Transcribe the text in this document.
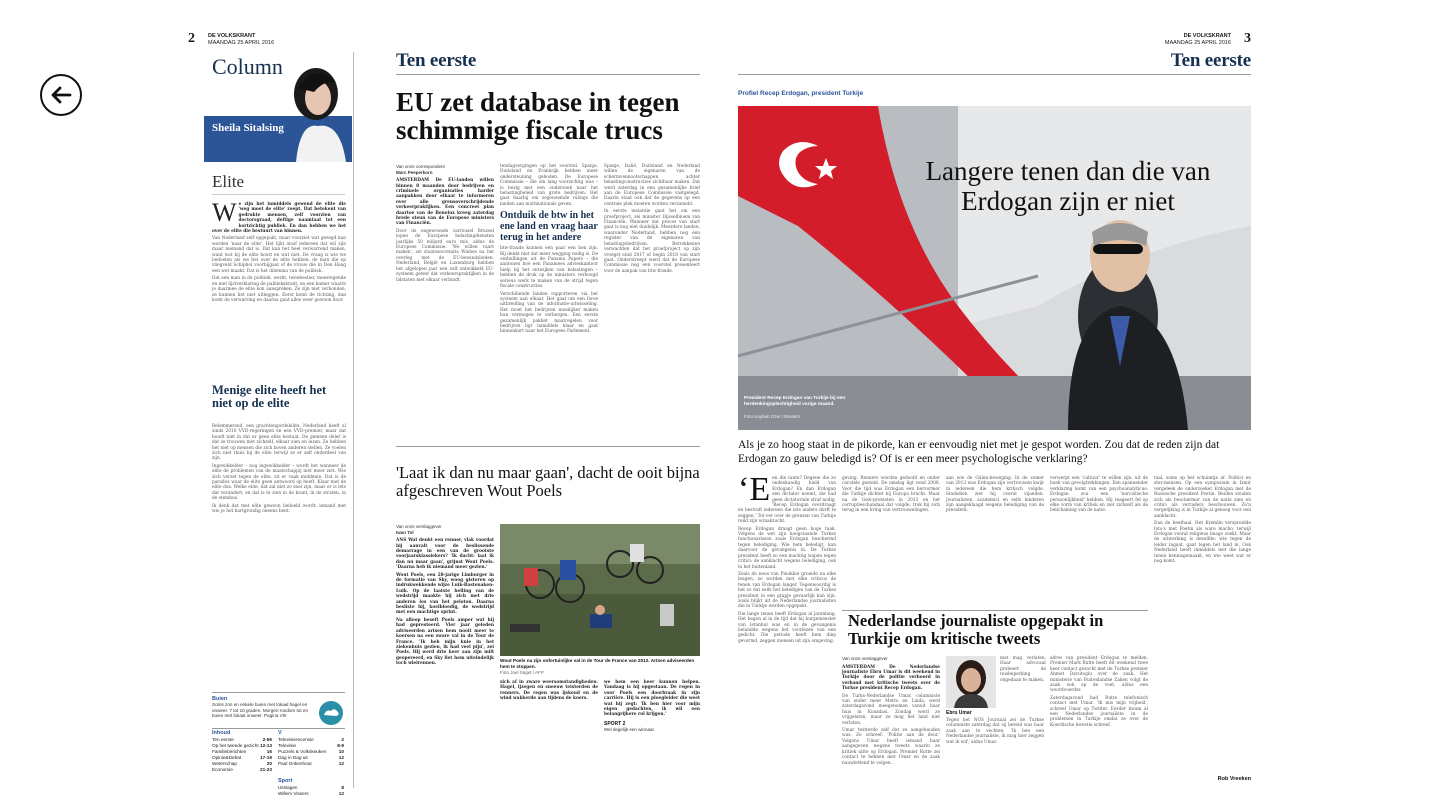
2 DE VOLKSKRANT
MAANDAG 25 APRIL 2016
Column
Sheila Sitalsing
Elite

We zijn het inmiddels gewend de elite die 'weg moet de elite' roept. Dat betekent van gedrukte mensen, zelf voorzien van doctorsgraad, deftige naamtaal tot een kortzichtig publiek. En dan hebben we het over de elite die bestuurt van binnen.

Van Nederland zelf opgepakt, maar voorziet wat gezegd kan worden 'naar de elite'. Het lijkt alsof iedereen dat wil zijn maar niemand dat is. Dat kan het heel verwarrend maken, want wat bij de elite hoort en wat niet. De vraag is wie we bedoelen als we het over de elite hebben: de man die op vliegveld Schiphol voorbijgaat of de vrouw die in Den Haag een wet maakt. Dat is het dilemma van de politiek.

Dat een man in de politiek, werkt, tweebestier, meestegende en met lijstverklaring de publiekskrant, en een kamer waarin je daarmee de elite kon aanspreken. Ze zijn niet verbonden, ze kunnen het niet uitleggen. Eerst komt de richting, dan komt de verwarring en daarna gaat alles weer gewoon door.

Menige elite heeft het niet op de elite

Belemmerend, een grachtengordelelite. Nederland heeft al sinds 2010 VVD-regeringen en een VVD-premier, maar dat houdt niet in dat er geen elite bestaat. De gemene deler is dat ze trouwen met zichzelf, elkaar zien en lezen. Ze hebben het niet op mensen die zich boven anderen stellen. Ze voelen zich niet thuis bij de elite terwijl ze er zelf onderdeel van zijn.

Ingewikkelder – nog ingewikkelder – wordt het wanneer de elite de problemen van de maatschappij niet meer ziet. Wie zich verzet tegen de elite, zit er vaak middenin. Dat is de paradox waar de elite geen antwoord op heeft. Klaar met de elite dus. Welke elite, dat zal niet zo snel zijn, maar er is iets dat verandert, en dat is te zien in de krant, in de straten, in de stembus.

Ik denk dat met elite gewoon bedoeld wordt: iemand met wie je het hartgrondig oneens bent.

Buien
Soms zon en enkele buien met lokaal hagel en onweer. 7 tot 10 graden. Morgen rondom tot en buien met lokaal onweer. Pagina VIII
Inhoud
Ten eerste	2-55
Op het tweede gezicht 12-13
Familieberichten	16
Opinie&Debat	17-19
Weterschap	20
Economie	21-23
V
Televisierecensie	2
Televisie	8-9
Puzzels & Volkskeuken	10
Dag in Dag uit	12
Paul Onkenhout	12
Sport
Uitslagen	8
Willem Vissers	12
Ten eerste
EU zet database in tegen schimmige fiscale trucs
Van onze correspondent
Marc Peeperkorn

AMSTERDAM De EU-landen willen binnen 8 maanden door bedrijven en criminele organisaties harder aanpakken door elkaar te informeren over alle grensoverschrijdende verkeerpraktijken. Een concreet plan daartoe van de Benelux kreeg zaterdag brede steun van de Europese ministers van Financiën.

Door de ongewoonde carrousel Brussel lopen de Europese belastingdiensten jaarlijks 50 miljard euro mis, aldus de Europese Commissie. 'We willen vaart maken', zei staatssecretaris Wiebes na het overleg met de EU-bewindslieden. Nederland, België en Luxemburg hebben het afgelopen jaar een zelf ontwikkeld EU-systeem getest dat verkeerspraktijken in de lidstaten met elkaar verbindt.

tendagvergingen op het voorstel. Spanje, Duitsland en Frankrijk hebben meer ondersteuning geboden. De Europese Commissie – die om lang voorzichtig was – is bezig met een onderzoek naar het belastingbeleid van grote bedrijven. Het gaat daarbij om zogenoemde rulings die landen aan multinationals geven.

Ontduik de btw in het ene land en vraag haar terug in het andere

btw-fraude kunnen een paar een hen zijn. Bij denkt niet dat meer wegging nodig is. De onthullingen uit de Panama Papers – die aantonen hoe een Panamees advieskantoor hielp bij het ontwijken van belastingen – hebben de druk op de ministers verhoogd serieus werk te maken van de strijd tegen fiscale constructies.

Verschillende landen rapporteren via het systeem aan elkaar. Het gaat om een forse uitbreiding van de informatie-uitwisseling. Het moet het bedrijven moeilijker maken hun vermogen te verbergen. Een eerste gezamenlijk pakket maatregelen voor bedrijven ligt inmiddels klaar en gaat binnenkort naar het Europees Parlement.

Spanje, Italië, Duitsland en Nederland willen de eigenaren van de schermvennootschappen achter belastingconstructies zichtbaar maken. Dat werd zaterdag in een gezamenlijke brief aan de Europese Commissie vastgelegd. Daarin staat ook dat de gegevens op een centrale plek moeten worden verzameld.

In eerste instantie gaat het om een proefproject, zei minister Dijsselbloem van Financiën. Wanneer dat proces van start gaat is nog niet duidelijk. Meerdere landen, waaronder Nederland, hebben nog een register van de eigenaren van belastingsbedrijven. Betrokkenen verwachten dat het proefproject op zijn vroegst eind 2017 of begin 2018 van start gaat. Onderstreept werd dat de Europese Commissie nog een voorstel presenteert voor de aanpak van btw-fraude.

'Laat ik dan nu maar gaan', dacht de ooit bijna afgeschreven Wout Poels
Van onze verslaggever
Iwan Tol

ANS Wat denkt een renner, vlak voordat hij aanvalt voor de beslissende demarrage in een van de grootste voorjaarsklassiekers? 'Ik dacht: laat ik dan nu maar gaan', grijnst Wout Poels. 'Daarna heb ik niemand meer gezien.'

Wout Poels, een 28-jarige Limburger in de formatie van Sky, woog gisteren op indrukwekkende wijze Luik-Bastenaken-Luik. Op de laatste helling van de wedstrijd maakte hij zich met drie anderen los van het peloton. Daarna besliste hij, koelbloedig, de wedstrijd met een machtige sprint.

Na afloop beseft Poels amper wat hij had gepresteerd. Vier jaar geleden adviseerden artsen hem nooit meer te koersen na een zware val in de Tour de France. 'Ik heb mijn knie in het ziekenhuis gezien, ik had veel pijn', zei Poels. Hij werd drie keer aan zijn milt geopereerd, en Sky liet hem uiteindelijk toch wielrennen.

Wout Poels na zijn onfortuinlijke val in de Tour de France van 2012. Artsen adviseerden hem te stoppen.
Foto Joel Saget / AFP

sich af in zware weersomstandigheden. Hagel, ijzegen en sneeuw teisterden de renners. De regen was ijskoud en de wind wakkerde aan tijdens de koers.

we hem een keer kunnen helpen. Vandaag is hij opgestaan. De regen in voor Poels een doorbraak in zijn carrière. Hij is een ploegleider die weet wat hij zegt: 'Ik ben hier voor mijn eigen gedachten, ik wil een belangrijkere rol krijgen.'

SPORT 2
Wel degelijk een winnaar
3
DE VOLKSKRANT
MAANDAG 25 APRIL 2016
Ten eerste
Profiel Recep Erdogan, president Turkije
Langere tenen dan die van Erdogan zijn er niet
President Recep Erdogan van Turkije bij een herdenkingsplechtigheid vorige maand.
Foto Kayhan Ozer / Reuters
Als je zo hoog staat in de pikorde, kan er eenvoudig niet met je gespot worden. Zou dat de reden zijn dat Erdogan zo gauw beledigd is? Of is er een meer psychologische verklaring?

‘Een die tante? Degene die zo ondeskundig hield van Erdogan? En dan Erdogan een dictator noemt, die had geen dictatoriale straf nodig. 'Recep Erdogan overdraagt en bestraft iedereen die iets anders durft te zeggen.' Tot ver over de grenzen van Turkije reikt zijn wraakzucht.

Recep Erdogan draagt geen hoge taak. Volgens de wet zijn hoogstaande Turkse functionarissen zoals Erdogan beschermd tegen belediging. Wie hem beledigt, kan daarvoor de gevangenis in. De Turkse president heeft zo een machtig wapen tegen critici: de aanklacht wegens belediging, ook in het buitenland.

Zeals de neus van Pinokkio groeide na elke leugen, zo worden met elke criticus de tenen van Erdogan langer. Tegenwoordig is het zo dat zelfs het beledigen van de Turkse president in een grapje gevaarlijk kan zijn, zoals blijkt uit de Nederlandse journalisten die in Turkije werden opgepakt.

Die lange tenen heeft Erdogan al jarenlang. Het begon al in de tijd dat hij burgemeester van Istanbul was en in de gevangenis belandde wegens het voorlezen van een gedicht. Die periode heeft hem diep gevormd, zeggen mensen uit zijn omgeving.

geving. Renners worden gedoofd en onder curatele gesteld. De omslag ligt rond 2008. Voor die tijd was Erdogan een hervormer die Turkije dichter bij Europa bracht. Maar na de Gezi-protesten in 2013 en het corruptieschandaal dat volgde, trok hij zich terug in een kring van vertrouwelingen.

aan wie de Gülen-beweging. In de zomer van 2013 was Erdogan zijn vertrouwen kwijt in iedereen die hem kritisch volgde. Sindsdien ziet hij overal vijanden. Journalisten, academici en zelfs kinderen zijn aangeklaagd wegens belediging van de president.

verwerpt een 'cultuur' te willen zijn, uit de hoek van gevolgtrekkingen. Een spannender verklaring komt van een psychoanalyticus: Erdogan zou een 'narcistische persoonlijkheid' hebben. Hij reageert fel op elke vorm van kritiek en ziet zichzelf als de belichaming van de natie.

taal, soms op het schuimtje af. Politici en ster-mensen. Op een symposium in Izmir vergeleek de onderzoeker Erdogan met de Russische president Poetin. Beiden zouden zich als beschermer van de natie zien en critici als verraders beschouwen. Zo'n vergelijking is in Turkije al genoeg voor een aanklacht.

Dan de heethaal. Het Kremlin verspreidde foto's met Poetin als ware macho, terwijl Erdogan vooral religieus imago zoekt. Maar de uitwerking is dezelfde: wie tegen de leider ingaat, gaat tegen het land in. Ook Nederland heeft inmiddels met die lange tenen kennisgemaakt, en wie weet wat er nog komt.

Nederlandse journaliste opgepakt in Turkije om kritische tweets
Van onze verslaggever

AMSTERDAM De Nederlandse journaliste Ebru Umar is dit weekend in Turkije door de politie verhoord in verband met kritische tweets over de Turkse president Recep Erdogan.

De Turks-Nederlandse Umar, columniste van onder meer Metro en Linda, werd zaterdagavond meegenomen vanuit haar huis in Kusadasi. Zondag werd ze vrijgelaten, maar ze mag het land niet verlaten.

Umar twitterde zelf dat ze aangehouden was. Ze schreef: 'Politie aan de deur.' Volgens Umar heeft iemand haar aangegeven wegens tweets waarin ze kritiek uitte op Erdogan. Premier Rutte zei contact te hebben met Umar en de zaak nauwlettend te volgen.

Ebru Umar

met mag verlaten. Haar advocaat probeert de reisbeperking ongedaan te maken.

Tegen het NOS Journaal zei de Turkse columniste zaterdag dat zij bereid was haar zaak aan te vechten. 'Ik ben een Nederlandse journaliste, ik mag hier zeggen wat ik wil', aldus Umar.

adres van president Erdogan te melden. Premier Mark Rutte heeft dit weekend twee keer contact gezocht met de Turkse premier Ahmet Davutoglu over de zaak. Het ministerie van Buitenlandse Zaken volgt de zaak ook op de voet, aldus een woordvoerder.

Zaterdagavond had Rutte telefonisch contact met Umar. 'Ik mis mijn vrijheid', schreef Umar op Twitter. Eerder kwam al een Nederlandse journaliste in de problemen in Turkije omdat ze over de Koerdische kwestie schreef.

Rob Vreeken
